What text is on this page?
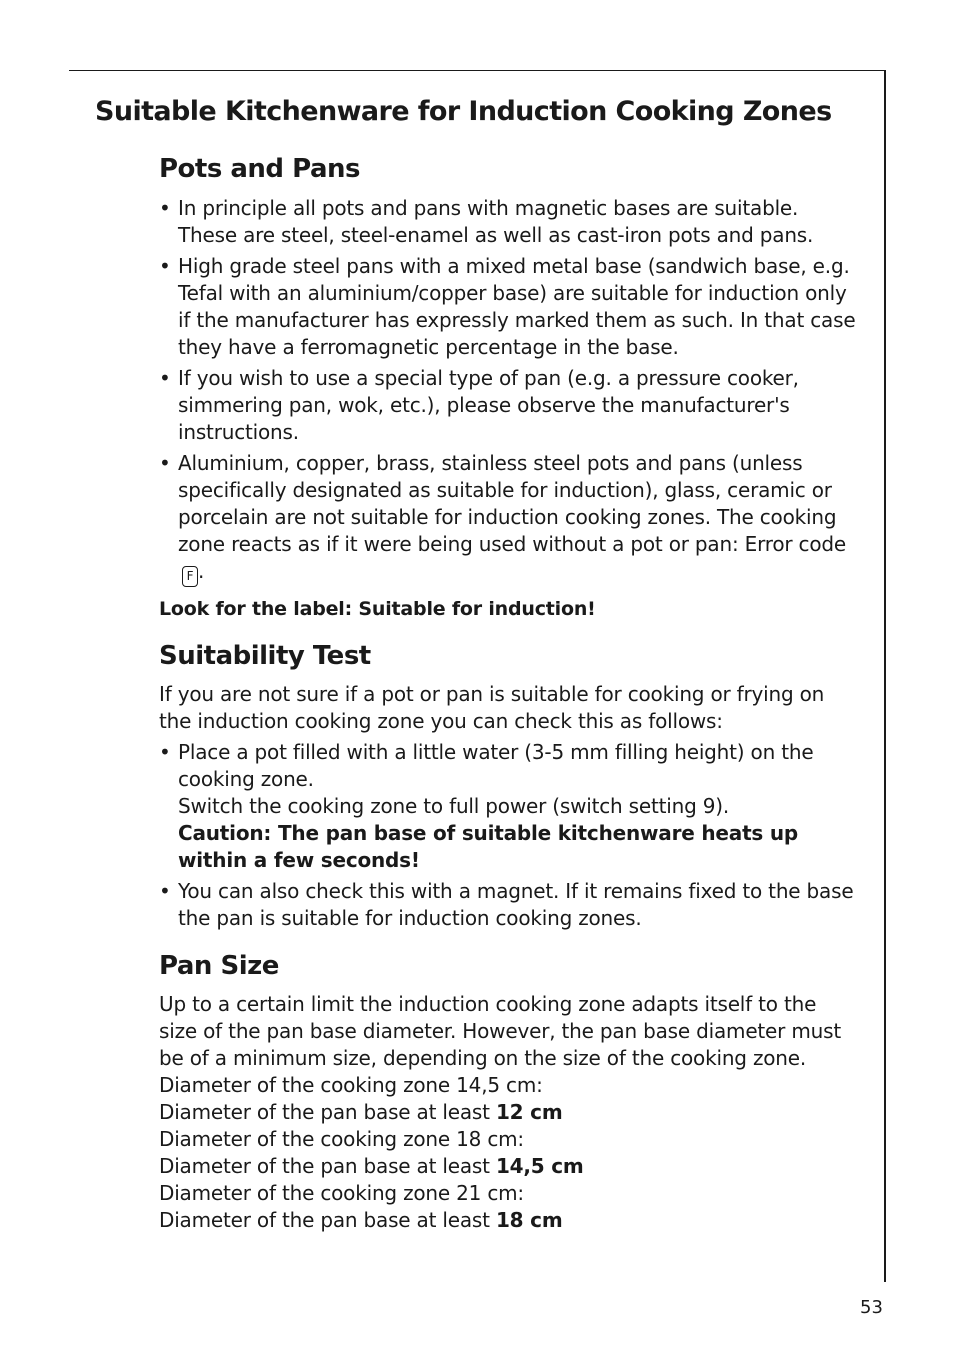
Suitable Kitchenware for Induction Cooking Zones
Pots and Pans
• In principle all pots and pans with magnetic bases are suitable. These are steel, steel-enamel as well as cast-iron pots and pans.
• High grade steel pans with a mixed metal base (sandwich base, e.g. Tefal with an aluminium/copper base) are suitable for induction only if the manufacturer has expressly marked them as such. In that case they have a ferromagnetic percentage in the base.
• If you wish to use a special type of pan (e.g. a pressure cooker, simmering pan, wok, etc.), please observe the manufacturer's instructions.
• Aluminium, copper, brass, stainless steel pots and pans (unless specifically designated as suitable for induction), glass, ceramic or porcelain are not suitable for induction cooking zones. The cooking zone reacts as if it were being used without a pot or pan: Error codeF .

Look for the label: Suitable for induction!

Suitability Test

If you are not sure if a pot or pan is suitable for cooking or frying on the induction cooking zone you can check this as follows:

• Place a pot filled with a little water (3-5 mm filling height) on the cooking zone.
Switch the cooking zone to full power (switch setting 9).
Caution: The pan base of suitable kitchenware heats up within a few seconds!
• You can also check this with a magnet. If it remains fixed to the base the pan is suitable for induction cooking zones.
Pan Size

Up to a certain limit the induction cooking zone adapts itself to the size of the pan base diameter. However, the pan base diameter must be of a minimum size, depending on the size of the cooking zone.

Diameter of the cooking zone 14,5 cm:

Diameter of the pan base at least 12 cm

Diameter of the cooking zone 18 cm:

Diameter of the pan base at least 14,5 cm

Diameter of the cooking zone 21 cm:

Diameter of the pan base at least 18 cm

53
